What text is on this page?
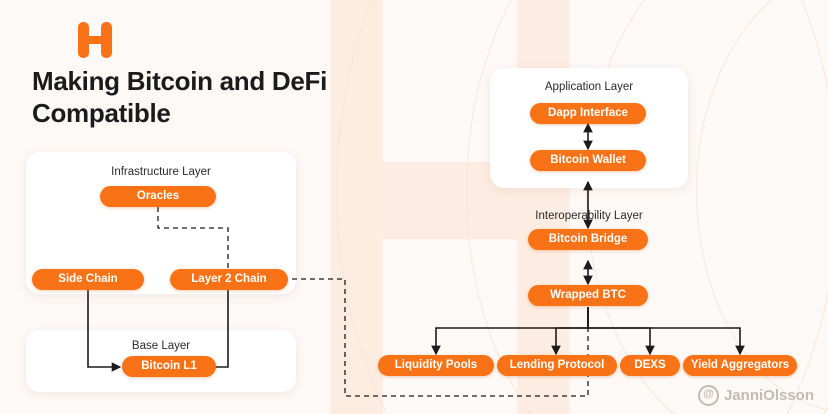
Making Bitcoin and DeFi Compatible
Infrastructure Layer
Base Layer
Application Layer
Interoperability Layer
Oracles
Side Chain	Layer 2 Chain
Bitcoin L1
Dapp Interface
Bitcoin Wallet
Bitcoin Bridge
Wrapped BTC
Liquidity Pools	Lending Protocol	DEXS	Yield Aggregators
@ JanniOlsson
